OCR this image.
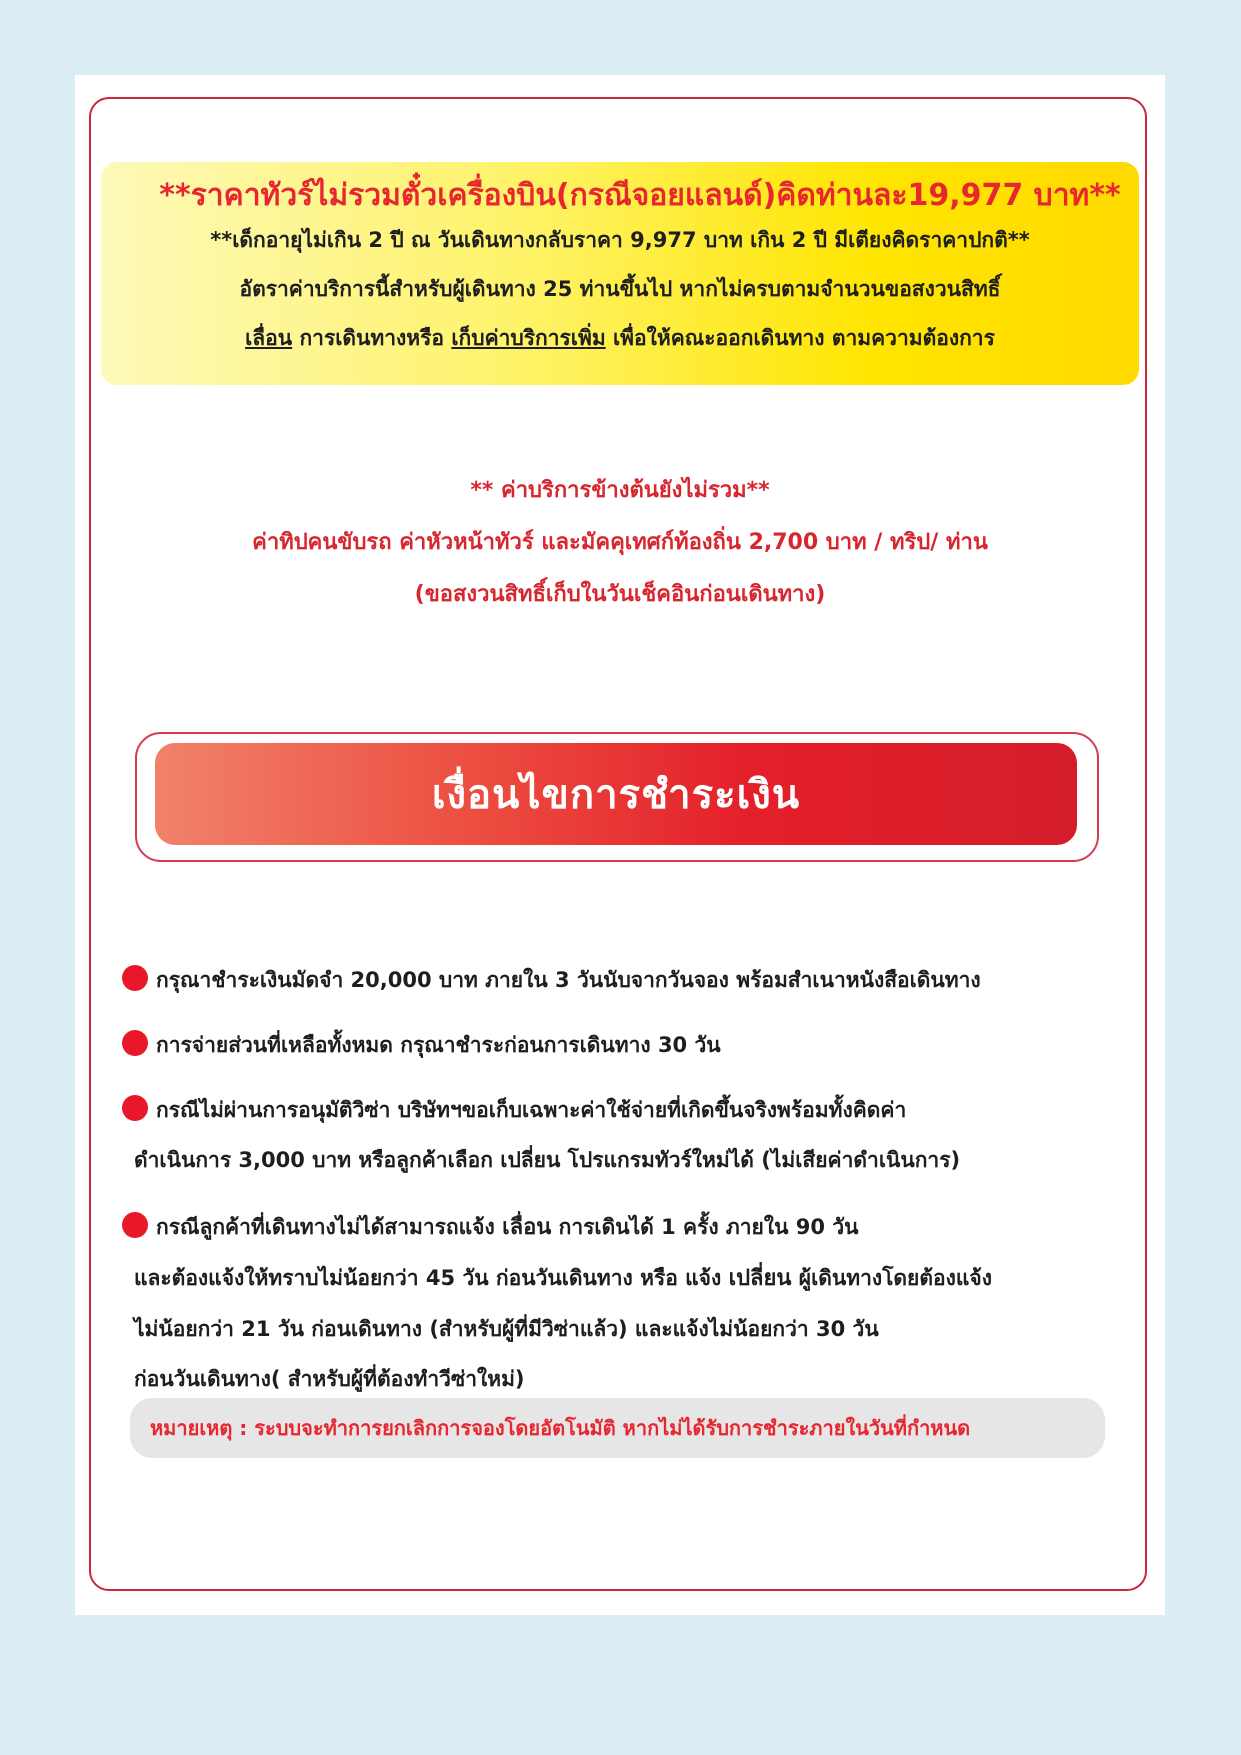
**ราคาทัวร์ไม่รวมตั๋วเครื่องบิน(กรณีจอยแลนด์)คิดท่านละ19,977 บาท**
**เด็กอายุไม่เกิน 2 ปี ณ วันเดินทางกลับราคา 9,977 บาท เกิน 2 ปี มีเตียงคิดราคาปกติ**
อัตราค่าบริการนี้สำหรับผู้เดินทาง 25 ท่านขึ้นไป หากไม่ครบตามจำนวนขอสงวนสิทธิ์
เลื่อน การเดินทางหรือ เก็บค่าบริการเพิ่ม เพื่อให้คณะออกเดินทาง ตามความต้องการ
** ค่าบริการข้างต้นยังไม่รวม**
ค่าทิปคนขับรถ ค่าหัวหน้าทัวร์ และมัคคุเทศก์ท้องถิ่น 2,700 บาท / ทริป/ ท่าน
(ขอสงวนสิทธิ์เก็บในวันเช็คอินก่อนเดินทาง)
เงื่อนไขการชำระเงิน
กรุณาชำระเงินมัดจำ 20,000 บาท ภายใน 3 วันนับจากวันจอง พร้อมสำเนาหนังสือเดินทาง
การจ่ายส่วนที่เหลือทั้งหมด กรุณาชำระก่อนการเดินทาง 30 วัน
กรณีไม่ผ่านการอนุมัติวิซ่า บริษัทฯขอเก็บเฉพาะค่าใช้จ่ายที่เกิดขึ้นจริงพร้อมทั้งคิดค่า
ดำเนินการ 3,000 บาท หรือลูกค้าเลือก เปลี่ยน โปรแกรมทัวร์ใหม่ได้ (ไม่เสียค่าดำเนินการ)
กรณีลูกค้าที่เดินทางไม่ได้สามารถแจ้ง เลื่อน การเดินได้ 1 ครั้ง ภายใน 90 วัน
และต้องแจ้งให้ทราบไม่น้อยกว่า 45 วัน ก่อนวันเดินทาง หรือ แจ้ง เปลี่ยน ผู้เดินทางโดยต้องแจ้ง
ไม่น้อยกว่า 21 วัน ก่อนเดินทาง (สำหรับผู้ที่มีวิซ่าแล้ว) และแจ้งไม่น้อยกว่า 30 วัน
ก่อนวันเดินทาง( สำหรับผู้ที่ต้องทำวีซ่าใหม่)
หมายเหตุ : ระบบจะทำการยกเลิกการจองโดยอัตโนมัติ หากไม่ได้รับการชำระภายในวันที่กำหนด
